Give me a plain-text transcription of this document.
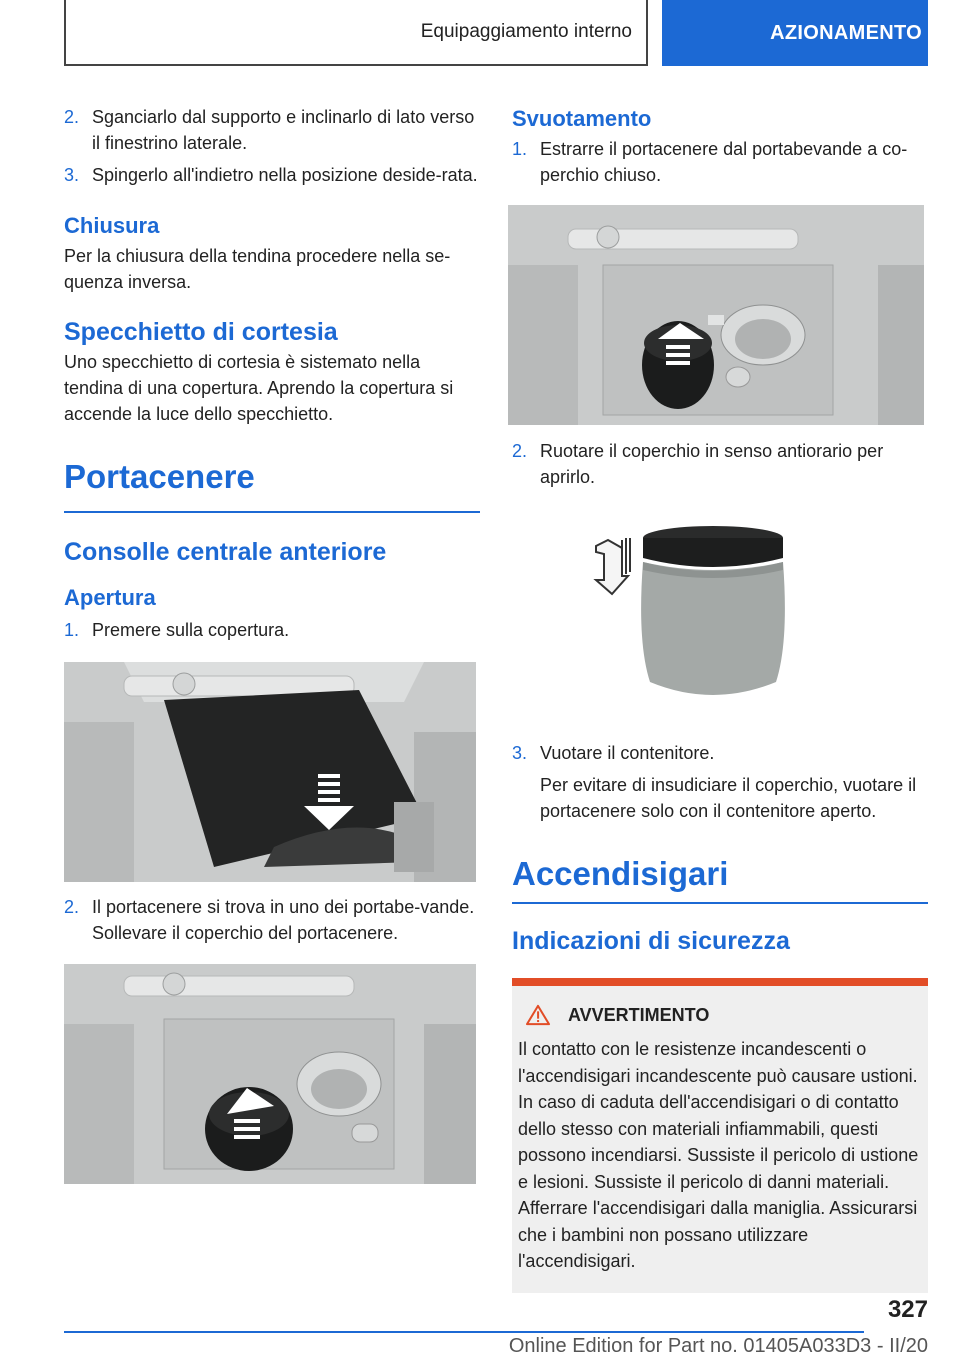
Equipaggiamento interno	AZIONAMENTO
2. Sganciarlo dal supporto e inclinarlo di lato verso il finestrino laterale.
3. Spingerlo all'indietro nella posizione deside-rata.
Chiusura
Per la chiusura della tendina procedere nella se-quenza inversa.
Specchietto di cortesia
Uno specchietto di cortesia è sistemato nella tendina di una copertura. Aprendo la copertura si accende la luce dello specchietto.
Portacenere
Consolle centrale anteriore
Apertura
1. Premere sulla copertura.
2. Il portacenere si trova in uno dei portabe-vande. Sollevare il coperchio del portacenere.
Svuotamento
1. Estrarre il portacenere dal portabevande a co-perchio chiuso.
2. Ruotare il coperchio in senso antiorario per aprirlo.
3. Vuotare il contenitore.
Per evitare di insudiciare il coperchio, vuotare il portacenere solo con il contenitore aperto.
Accendisigari
Indicazioni di sicurezza
AVVERTIMENTO
Il contatto con le resistenze incandescenti o l'accendisigari incandescente può causare ustioni. In caso di caduta dell'accendisigari o di contatto dello stesso con materiali infiammabili, questi possono incendiarsi. Sussiste il pericolo di ustione e lesioni. Sussiste il pericolo di danni materiali. Afferrare l'accendisigari dalla maniglia. Assicurarsi che i bambini non possano utilizzare l'accendisigari.
327
Online Edition for Part no. 01405A033D3 - II/20
